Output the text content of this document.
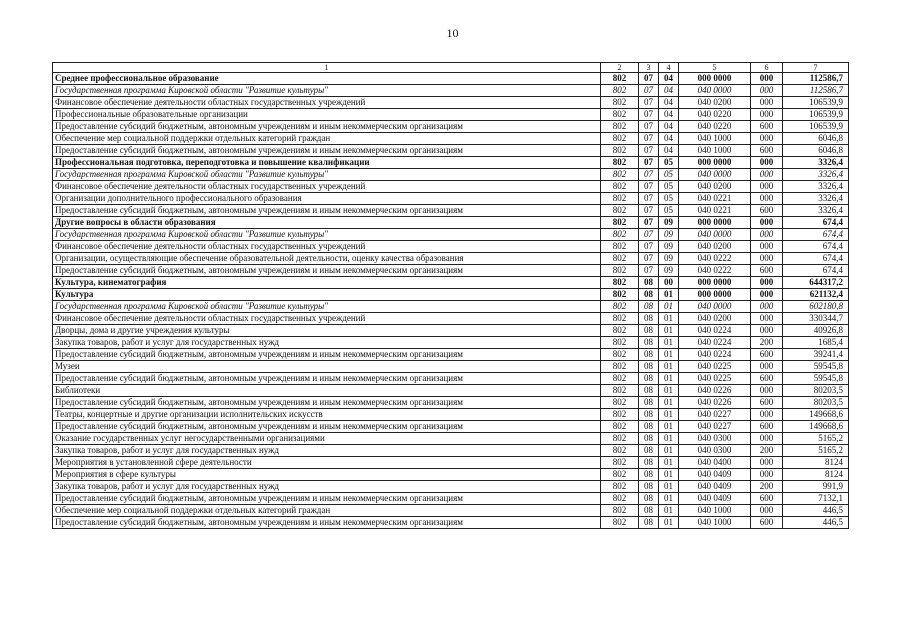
10
1	2	3	4	5	6	7
Среднее профессиональное образование	802	07	04	000 0000	000	112586,7
Государственная программа Кировской области "Развитие культуры"	802	07	04	040 0000	000	112586,7
Финансовое обеспечение деятельности областных государственных учреждений	802	07	04	040 0200	000	106539,9
Профессиональные образовательные организации	802	07	04	040 0220	000	106539,9
Предоставление субсидий бюджетным, автономным учреждениям и иным некоммерческим организациям	802	07	04	040 0220	600	106539,9
Обеспечение мер социальной поддержки отдельных категорий граждан	802	07	04	040 1000	000	6046,8
Предоставление субсидий бюджетным, автономным учреждениям и иным некоммерческим организациям	802	07	04	040 1000	600	6046,8
Профессиональная подготовка, переподготовка и повышение квалификации	802	07	05	000 0000	000	3326,4
Государственная программа Кировской области "Развитие культуры"	802	07	05	040 0000	000	3326,4
Финансовое обеспечение деятельности областных государственных учреждений	802	07	05	040 0200	000	3326,4
Организации дополнительного профессионального образования	802	07	05	040 0221	000	3326,4
Предоставление субсидий бюджетным, автономным учреждениям и иным некоммерческим организациям	802	07	05	040 0221	600	3326,4
Другие вопросы в области образования	802	07	09	000 0000	000	674,4
Государственная программа Кировской области "Развитие культуры"	802	07	09	040 0000	000	674,4
Финансовое обеспечение деятельности областных государственных учреждений	802	07	09	040 0200	000	674,4
Организации, осуществляющие обеспечение образовательной деятельности, оценку качества образования	802	07	09	040 0222	000	674,4
Предоставление субсидий бюджетным, автономным учреждениям и иным некоммерческим организациям	802	07	09	040 0222	600	674,4
Культура, кинематография	802	08	00	000 0000	000	644317,2
Культура	802	08	01	000 0000	000	621132,4
Государственная программа Кировской области "Развитие культуры"	802	08	01	040 0000	000	602180,8
Финансовое обеспечение деятельности областных государственных учреждений	802	08	01	040 0200	000	330344,7
Дворцы, дома и другие учреждения культуры	802	08	01	040 0224	000	40926,8
Закупка товаров, работ и услуг для государственных нужд	802	08	01	040 0224	200	1685,4
Предоставление субсидий бюджетным, автономным учреждениям и иным некоммерческим организациям	802	08	01	040 0224	600	39241,4
Музеи	802	08	01	040 0225	000	59545,8
Предоставление субсидий бюджетным, автономным учреждениям и иным некоммерческим организациям	802	08	01	040 0225	600	59545,8
Библиотеки	802	08	01	040 0226	000	80203,5
Предоставление субсидий бюджетным, автономным учреждениям и иным некоммерческим организациям	802	08	01	040 0226	600	80203,5
Театры, концертные и другие организации исполнительских искусств	802	08	01	040 0227	000	149668,6
Предоставление субсидий бюджетным, автономным учреждениям и иным некоммерческим организациям	802	08	01	040 0227	600	149668,6
Оказание государственных услуг негосударственными организациями	802	08	01	040 0300	000	5165,2
Закупка товаров, работ и услуг для государственных нужд	802	08	01	040 0300	200	5165,2
Мероприятия в установленной сфере деятельности	802	08	01	040 0400	000	8124
Мероприятия в сфере культуры	802	08	01	040 0409	000	8124
Закупка товаров, работ и услуг для государственных нужд	802	08	01	040 0409	200	991,9
Предоставление субсидий бюджетным, автономным учреждениям и иным некоммерческим организациям	802	08	01	040 0409	600	7132,1
Обеспечение мер социальной поддержки отдельных категорий граждан	802	08	01	040 1000	000	446,5
Предоставление субсидий бюджетным, автономным учреждениям и иным некоммерческим организациям	802	08	01	040 1000	600	446,5
